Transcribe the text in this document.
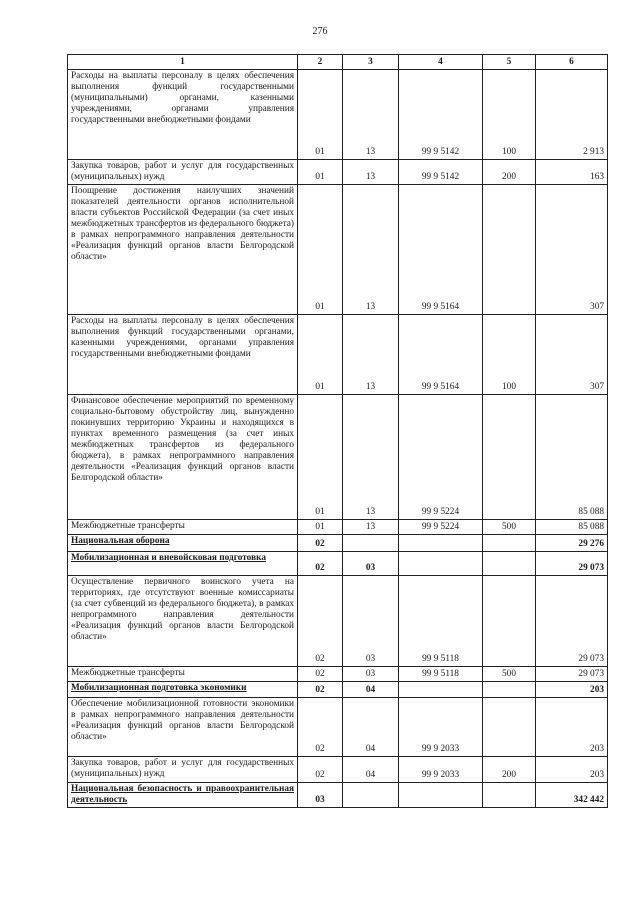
276
1	2	3	4	5	6
Расходы на выплаты персоналу в целях обеспечения выполнения функций государственными (муниципальными) органами, казенными учреждениями, органами управления государственными внебюджетными фондами	01	13	99 9 5142	100	2 913
Закупка товаров, работ и услуг для государственных (муниципальных) нужд	01	13	99 9 5142	200	163
Поощрение достижения наилучших значений показателей деятельности органов исполнительной власти субъектов Российской Федерации (за счет иных межбюджетных трансфертов из федерального бюджета) в рамках непрограммного направления деятельности «Реализация функций органов власти Белгородской области»	01	13	99 9 5164		307
Расходы на выплаты персоналу в целях обеспечения выполнения функций государственными органами, казенными учреждениями, органами управления государственными внебюджетными фондами	01	13	99 9 5164	100	307
Финансовое обеспечение мероприятий по временному социально-бытовому обустройству лиц, вынужденно покинувших территорию Украины и находящихся в пунктах временного размещения (за счет иных межбюджетных трансфертов из федерального бюджета), в рамках непрограммного направления деятельности «Реализация функций органов власти Белгородской области»	01	13	99 9 5224		85 088
Межбюджетные трансферты	01	13	99 9 5224	500	85 088
Национальная оборона	02				29 276
Мобилизационная и вневойсковая подготовка	02	03			29 073
Осуществление первичного воинского учета на территориях, где отсутствуют военные комиссариаты (за счет субвенций из федерального бюджета), в рамках непрограммного направления деятельности «Реализация функций органов власти Белгородской области»	02	03	99 9 5118		29 073
Межбюджетные трансферты	02	03	99 9 5118	500	29 073
Мобилизационная подготовка экономики	02	04			203
Обеспечение мобилизационной готовности экономики в рамках непрограммного направления деятельности «Реализация функций органов власти Белгородской области»	02	04	99 9 2033		203
Закупка товаров, работ и услуг для государственных (муниципальных) нужд	02	04	99 9 2033	200	203
Национальная безопасность и правоохранительная деятельность	03				342 442
